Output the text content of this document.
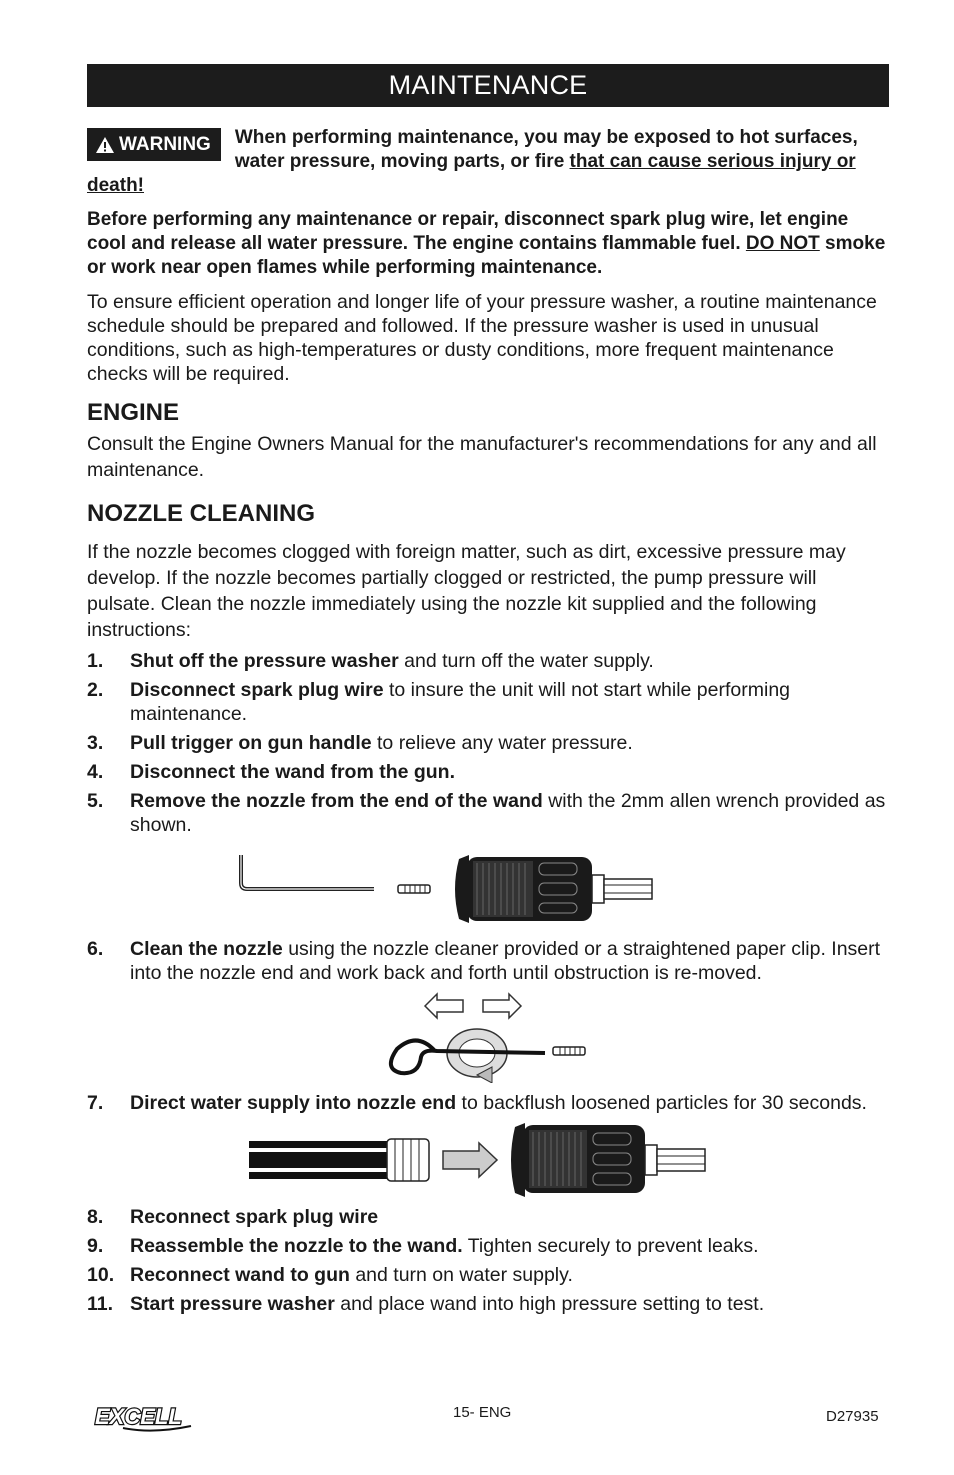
MAINTENANCE
WARNING When performing maintenance, you may be exposed to hot surfaces, water pressure, moving parts, or fire that can cause serious injury or death!

Before performing any maintenance or repair, disconnect spark plug wire, let engine cool and release all water pressure. The engine contains flammable fuel. DO NOT smoke or work near open flames while performing maintenance.

To ensure efficient operation and longer life of your pressure washer, a routine maintenance schedule should be prepared and followed. If the pressure washer is used in unusual conditions, such as high-temperatures or dusty conditions, more frequent maintenance checks will be required.

ENGINE

Consult the Engine Owners Manual for the manufacturer's recommendations for any and all maintenance.

NOZZLE CLEANING

If the nozzle becomes clogged with foreign matter, such as dirt, excessive pressure may develop. If the nozzle becomes partially clogged or restricted, the pump pressure will pulsate. Clean the nozzle immediately using the nozzle kit supplied and the following instructions:

1. Shut off the pressure washer and turn off the water supply.
2. Disconnect spark plug wire to insure the unit will not start while performing maintenance.
3. Pull trigger on gun handle to relieve any water pressure.
4. Disconnect the wand from the gun.
5. Remove the nozzle from the end of the wand with the 2mm allen wrench provided as shown.
6. Clean the nozzle using the nozzle cleaner provided or a straightened paper clip. Insert into the nozzle end and work back and forth until obstruction is re-moved.
7. Direct water supply into nozzle end to backflush loosened particles for 30 seconds.
8. Reconnect spark plug wire
9. Reassemble the nozzle to the wand. Tighten securely to prevent leaks.
10. Reconnect wand to gun and turn on water supply.
11. Start pressure washer and place wand into high pressure setting to test.
EXCELL	15- ENG	D27935
